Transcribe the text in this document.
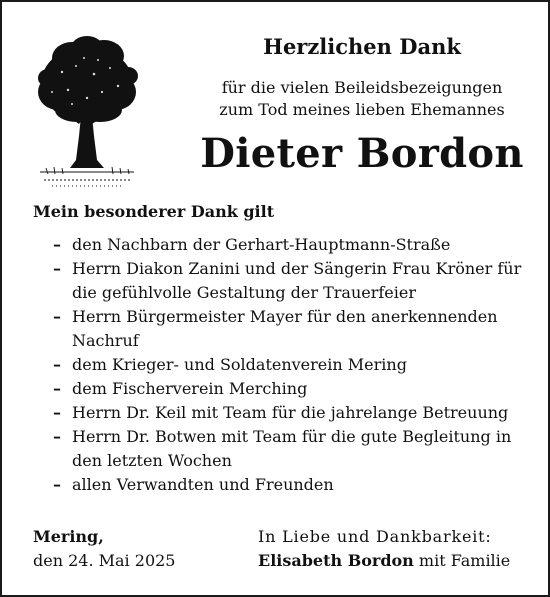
Herzlichen Dank
für die vielen Beileidsbezeigungen
zum Tod meines lieben Ehemannes
Dieter Bordon
Mein besonderer Dank gilt
– den Nachbarn der Gerhart-Hauptmann-Straße
– Herrn Diakon Zanini und der Sängerin Frau Kröner für die gefühlvolle Gestaltung der Trauerfeier
– Herrn Bürgermeister Mayer für den anerkennenden Nachruf
– dem Krieger- und Soldatenverein Mering
– dem Fischerverein Merching
– Herrn Dr. Keil mit Team für die jahrelange Betreuung
– Herrn Dr. Botwen mit Team für die gute Begleitung in den letzten Wochen
– allen Verwandten und Freunden
Mering,
den 24. Mai 2025
In Liebe und Dankbarkeit:
Elisabeth Bordon mit Familie
